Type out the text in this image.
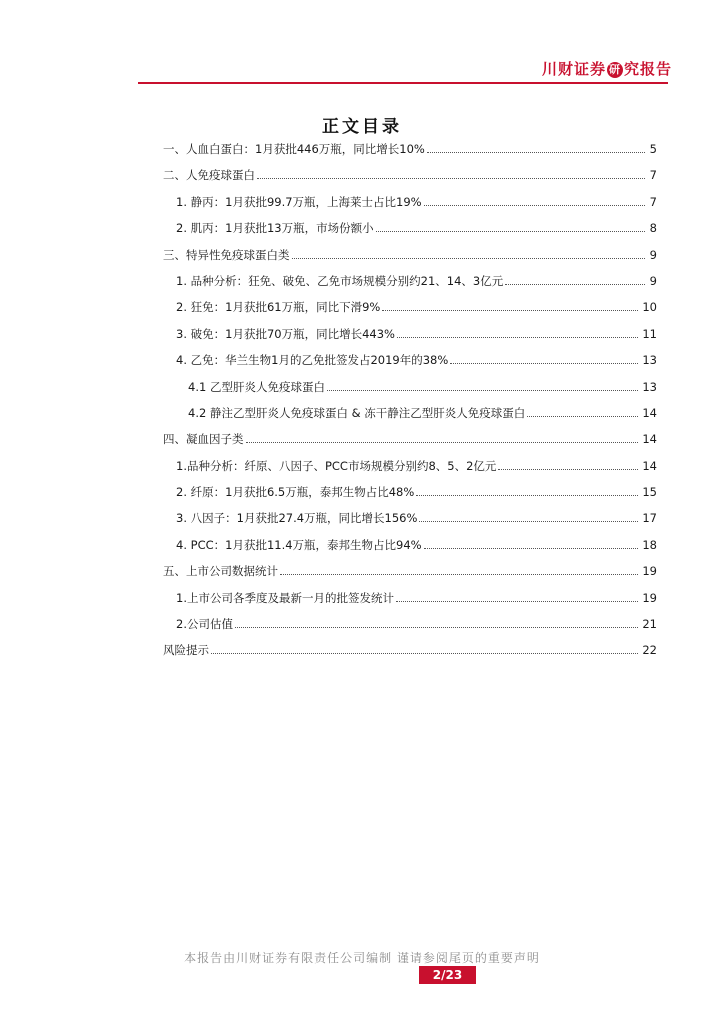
川财证券 研 究报告
正文目录
一、人血白蛋白：1月获批446万瓶，同比增长10%	5
二、人免疫球蛋白	7
1. 静丙：1月获批99.7万瓶，上海莱士占比19%	7
2. 肌丙：1月获批13万瓶，市场份额小	8
三、特异性免疫球蛋白类	9
1. 品种分析：狂免、破免、乙免市场规模分别约21、14、3亿元	9
2. 狂免：1月获批61万瓶，同比下滑9%	10
3. 破免：1月获批70万瓶，同比增长443%	11
4. 乙免：华兰生物1月的乙免批签发占2019年的38%	13
4.1 乙型肝炎人免疫球蛋白	13
4.2 静注乙型肝炎人免疫球蛋白 & 冻干静注乙型肝炎人免疫球蛋白	14
四、凝血因子类	14
1.品种分析：纤原、八因子、PCC市场规模分别约8、5、2亿元	14
2. 纤原：1月获批6.5万瓶，泰邦生物占比48%	15
3. 八因子：1月获批27.4万瓶，同比增长156%	17
4. PCC：1月获批11.4万瓶，泰邦生物占比94%	18
五、上市公司数据统计	19
1.上市公司各季度及最新一月的批签发统计	19
2.公司估值	21
风险提示	22
本报告由川财证券有限责任公司编制 谨请参阅尾页的重要声明
2/23
